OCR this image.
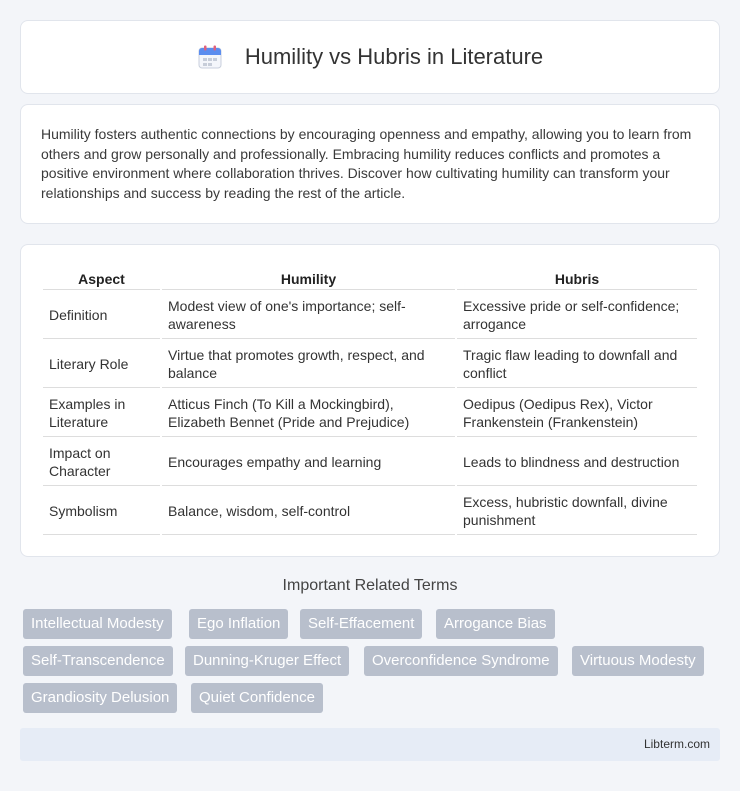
Humility vs Hubris in Literature

Humility fosters authentic connections by encouraging openness and empathy, allowing you to learn from others and grow personally and professionally. Embracing humility reduces conflicts and promotes a positive environment where collaboration thrives. Discover how cultivating humility can transform your relationships and success by reading the rest of the article.

Aspect	Humility	Hubris
Definition	Modest view of one's importance; self-awareness	Excessive pride or self-confidence; arrogance
Literary Role	Virtue that promotes growth, respect, and balance	Tragic flaw leading to downfall and conflict
Examples in Literature	Atticus Finch (To Kill a Mockingbird), Elizabeth Bennet (Pride and Prejudice)	Oedipus (Oedipus Rex), Victor Frankenstein (Frankenstein)
Impact on Character	Encourages empathy and learning	Leads to blindness and destruction
Symbolism	Balance, wisdom, self-control	Excess, hubristic downfall, divine punishment
Important Related Terms
Intellectual Modesty	Ego Inflation	Self-Effacement	Arrogance Bias
Self-Transcendence	Dunning-Kruger Effect	Overconfidence Syndrome	Virtuous Modesty
Grandiosity Delusion	Quiet Confidence
Libterm.com
